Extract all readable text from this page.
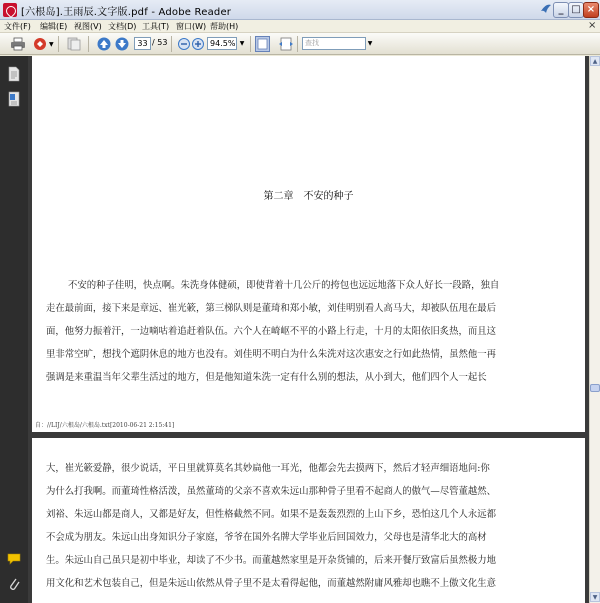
[六根岛].王雨辰.文字版.pdf - Adobe Reader	_ □ ×
文件(F) 编辑(E) 视图(V) 文档(D) 工具(T) 窗口(W) 帮助(H)	×
▼	33 / 53	94.5% ▼	查找	▼
第二章　不安的种子
不安的种子佳明，快点啊。朱洗身体健硕，即使背着十几公斤的挎包也远远地落下众人好长一段路，独自
走在最前面，接下来是章远、崔光簌，第三梯队则是董琦和郑小敏，刘佳明别看人高马大，却被队伍甩在最后
面，他努力振着汗，一边嘀咕着追赶着队伍。六个人在崎岖不平的小路上行走，十月的太阳依旧炙热，而且这
里非常空旷，想找个遮阴休息的地方也没有。刘佳明不明白为什么朱洗对这次惠安之行如此热情，虽然他一再
强调是来重温当年父辈生活过的地方，但是他知道朱洗一定有什么别的想法，从小到大，他们四个人一起长
自：//LIJ/六根岛/六根岛.txt[2010-06-21 2:15:41]
大，崔光簌爱静，很少说话，平日里就算莫名其妙扁他一耳光，他都会先去摸两下，然后才轻声细语地问:你
为什么打我啊。而董琦性格活泼，虽然董琦的父亲不喜欢朱远山那种骨子里看不起商人的傲气—尽管董越然、
刘裕、朱远山都是商人，又都是好友，但性格截然不同。如果不是轰轰烈烈的上山下乡，恐怕这几个人永远都
不会成为朋友。朱远山出身知识分子家庭，爷爷在国外名牌大学毕业后回国效力，父母也是清华北大的高材
生。朱远山自己虽只是初中毕业，却读了不少书。而董越然家里是开杂货铺的，后来开餐厅致富后虽然极力地
用文化和艺术包装自己，但是朱远山依然从骨子里不是太看得起他，而董越然附庸风雅却也瞧不上傲文化生意
▲
▼
